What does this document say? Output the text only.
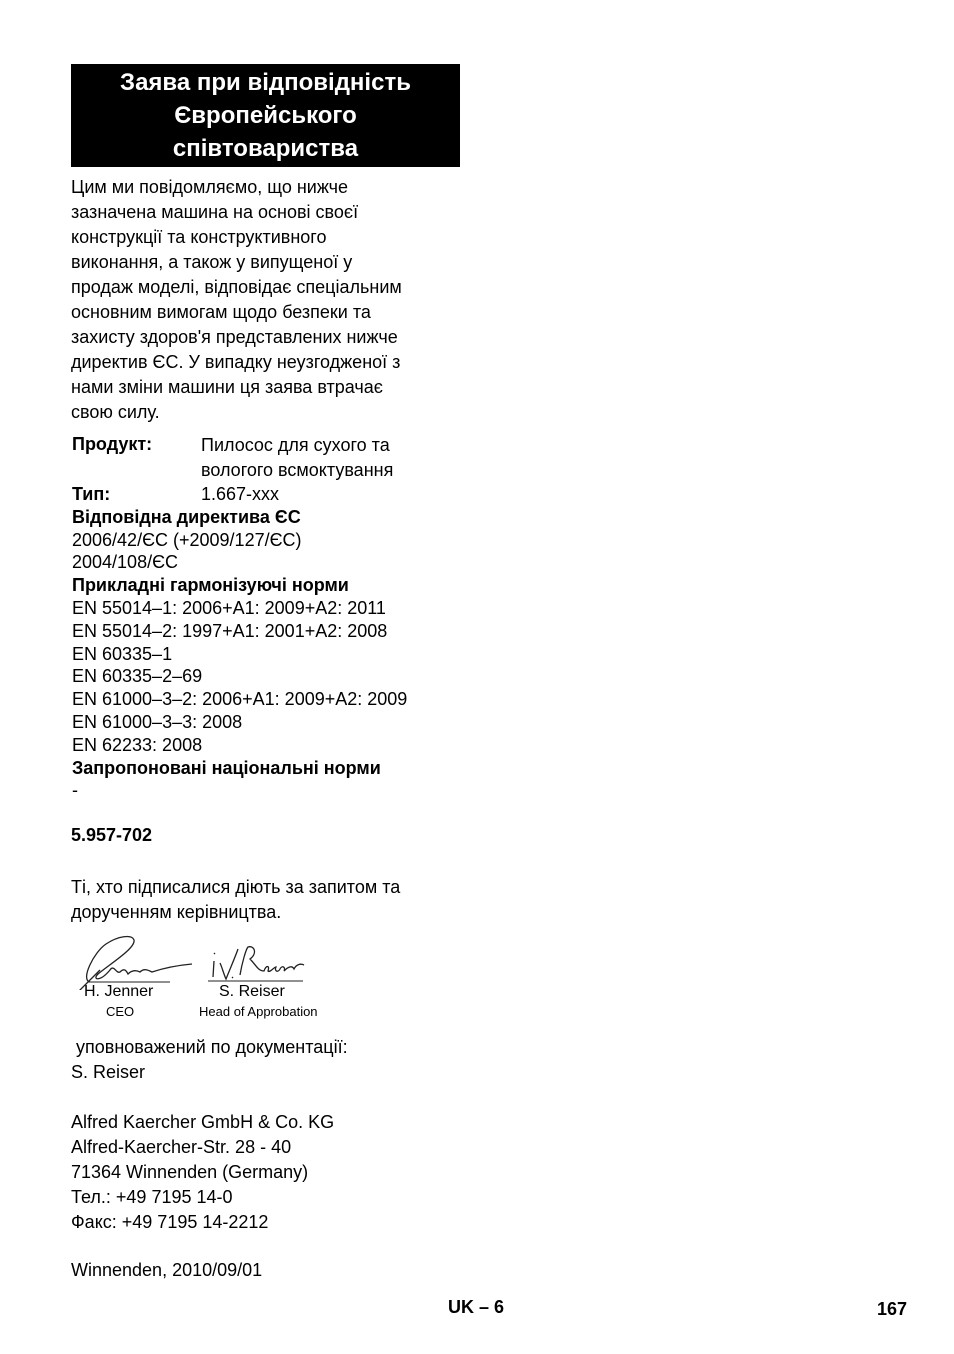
Заява при відповідність
Європейського
співтовариства
Цим ми повідомляємо, що нижче
зазначена машина на основі своєї
конструкції та конструктивного
виконання, а також у випущеної у
продаж моделі, відповідає спеціальним
основним вимогам щодо безпеки та
захисту здоров'я представлених нижче
директив ЄС. У випадку неузгодженої з
нами зміни машини ця заява втрачає
свою силу.
Продукт:	Пилосос для сухого та
вологого всмоктування
Тип:	1.667-xxx
Відповідна директива ЄС
2006/42/ЄС (+2009/127/ЄС)
2004/108/ЄС
Прикладні гармонізуючі норми
EN 55014–1: 2006+A1: 2009+A2: 2011
EN 55014–2: 1997+A1: 2001+A2: 2008
EN 60335–1
EN 60335–2–69
EN 61000–3–2: 2006+A1: 2009+A2: 2009
EN 61000–3–3: 2008
EN 62233: 2008
Запропоновані національні норми
-
5.957-702
Ті, хто підписалися діють за запитом та
дорученням керівництва.
H. Jenner
CEO
S. Reiser
Head of Approbation
уповноважений по документації:
S. Reiser
Alfred Kaercher GmbH & Co. KG
Alfred-Kaercher-Str. 28 - 40
71364 Winnenden (Germany)
Тел.: +49 7195 14-0
Факс: +49 7195 14-2212
Winnenden, 2010/09/01
UK – 6	167
